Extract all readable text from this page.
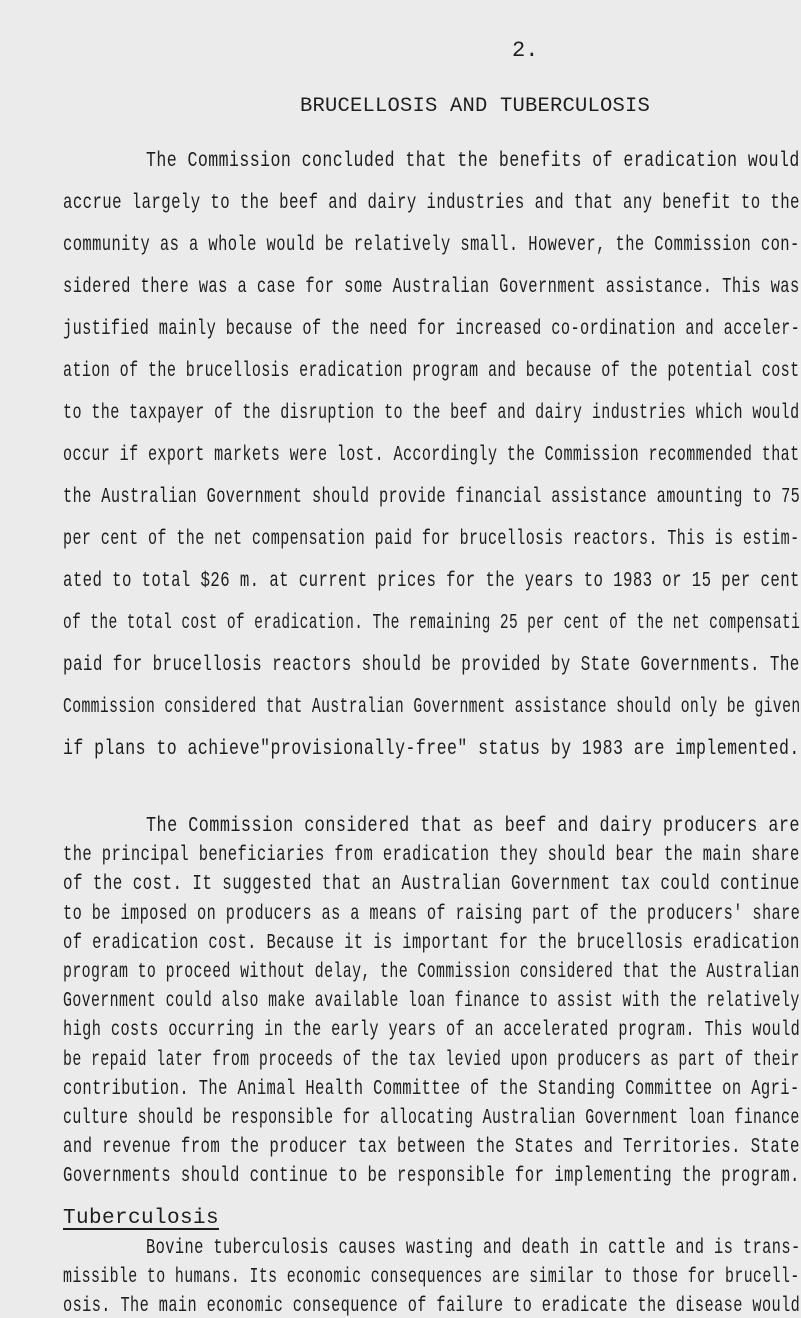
2.
BRUCELLOSIS AND TUBERCULOSIS
The Commission concluded that the benefits of eradication would
accrue largely to the beef and dairy industries and that any benefit to the
community as a whole would be relatively small. However, the Commission con-
sidered there was a case for some Australian Government assistance. This was
justified mainly because of the need for increased co-ordination and acceler-
ation of the brucellosis eradication program and because of the potential cost
to the taxpayer of the disruption to the beef and dairy industries which would
occur if export markets were lost. Accordingly the Commission recommended that
the Australian Government should provide financial assistance amounting to 75
per cent of the net compensation paid for brucellosis reactors. This is estim-
ated to total $26 m. at current prices for the years to 1983 or 15 per cent
of the total cost of eradication. The remaining 25 per cent of the net compensati
paid for brucellosis reactors should be provided by State Governments. The
Commission considered that Australian Government assistance should only be given
if plans to achieve"provisionally-free" status by 1983 are implemented.
The Commission considered that as beef and dairy producers are
the principal beneficiaries from eradication they should bear the main share
of the cost. It suggested that an Australian Government tax could continue
to be imposed on producers as a means of raising part of the producers' share
of eradication cost. Because it is important for the brucellosis eradication
program to proceed without delay, the Commission considered that the Australian
Government could also make available loan finance to assist with the relatively
high costs occurring in the early years of an accelerated program. This would
be repaid later from proceeds of the tax levied upon producers as part of their
contribution. The Animal Health Committee of the Standing Committee on Agri-
culture should be responsible for allocating Australian Government loan finance
and revenue from the producer tax between the States and Territories. State
Governments should continue to be responsible for implementing the program.
Tuberculosis
Bovine tuberculosis causes wasting and death in cattle and is trans-
missible to humans. Its economic consequences are similar to those for brucell-
osis. The main economic consequence of failure to eradicate the disease would
